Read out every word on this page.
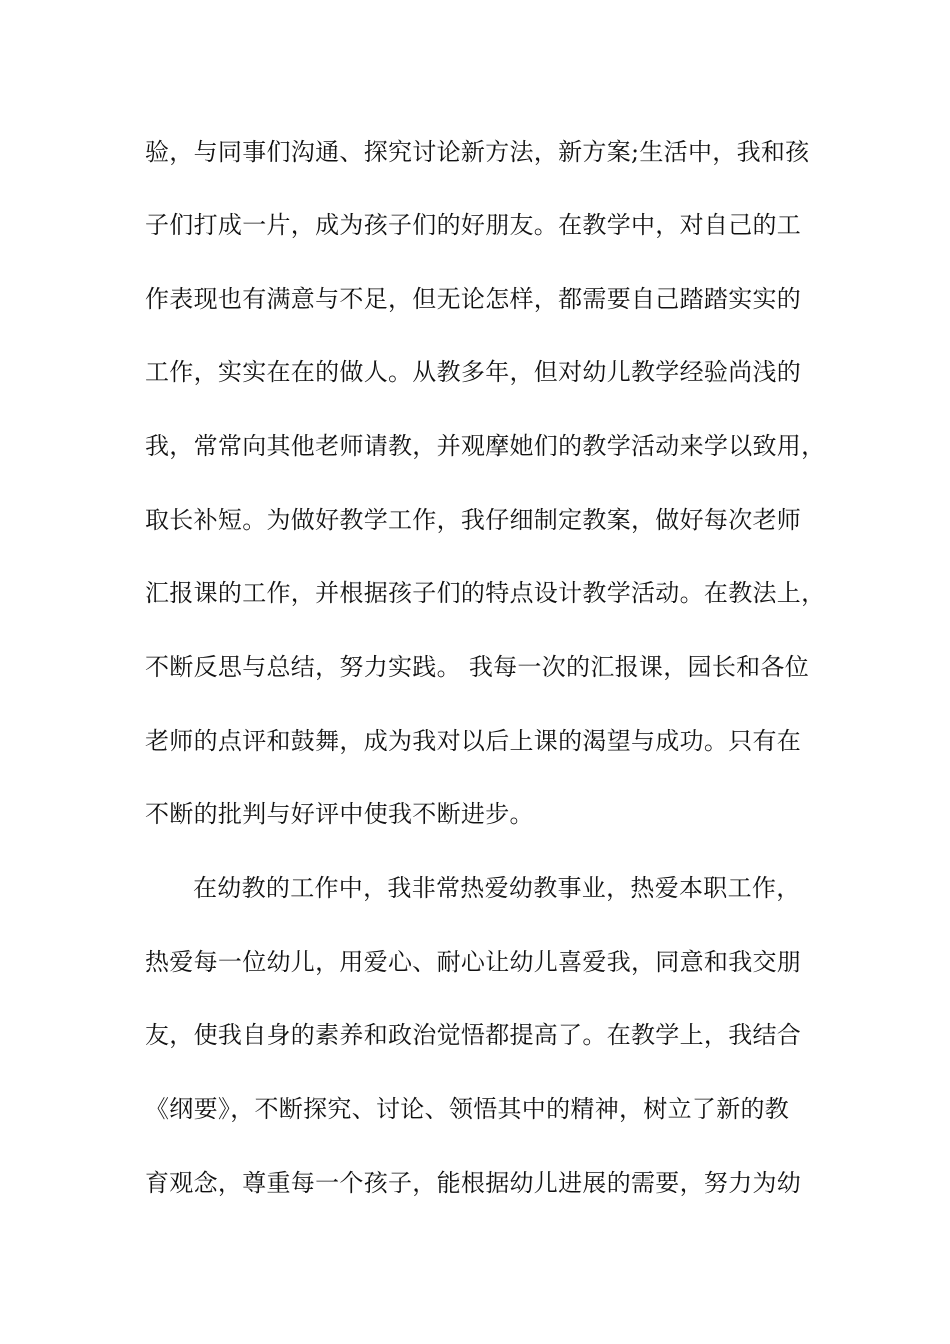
验，与同事们沟通、探究讨论新方法，新方案;生活中，我和孩
子们打成一片，成为孩子们的好朋友。在教学中，对自己的工
作表现也有满意与不足，但无论怎样，都需要自己踏踏实实的
工作，实实在在的做人。从教多年，但对幼儿教学经验尚浅的
我，常常向其他老师请教，并观摩她们的教学活动来学以致用，
取长补短。为做好教学工作，我仔细制定教案，做好每次老师
汇报课的工作，并根据孩子们的特点设计教学活动。在教法上，
不断反思与总结，努力实践。 我每一次的汇报课，园长和各位
老师的点评和鼓舞，成为我对以后上课的渴望与成功。只有在
不断的批判与好评中使我不断进步。
在幼教的工作中，我非常热爱幼教事业，热爱本职工作，
热爱每一位幼儿，用爱心、耐心让幼儿喜爱我，同意和我交朋
友，使我自身的素养和政治觉悟都提高了。在教学上，我结合
《纲要》，不断探究、讨论、领悟其中的精神，树立了新的教
育观念，尊重每一个孩子，能根据幼儿进展的需要，努力为幼
